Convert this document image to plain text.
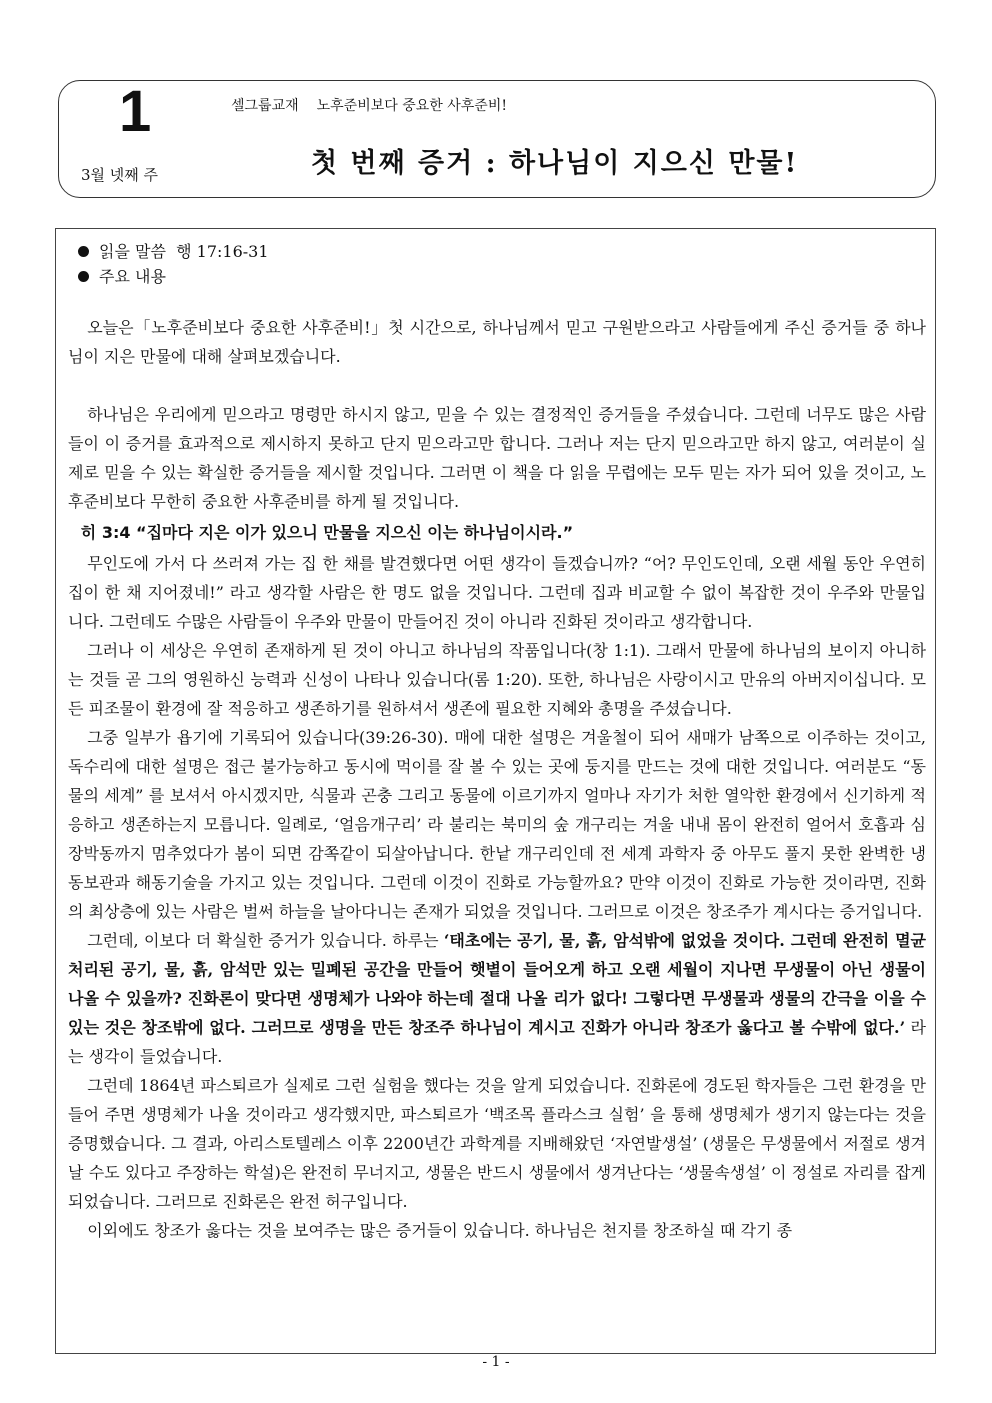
1
3월 넷째 주
셀그룹교재 노후준비보다 중요한 사후준비!
첫 번째 증거 : 하나님이 지으신 만물!
읽을 말씀 행 17:16-31
주요 내용

오늘은「노후준비보다 중요한 사후준비!」첫 시간으로, 하나님께서 믿고 구원받으라고 사람들에게 주신 증거들 중 하나님이 지은 만물에 대해 살펴보겠습니다.

하나님은 우리에게 믿으라고 명령만 하시지 않고, 믿을 수 있는 결정적인 증거들을 주셨습니다. 그런데 너무도 많은 사람들이 이 증거를 효과적으로 제시하지 못하고 단지 믿으라고만 합니다. 그러나 저는 단지 믿으라고만 하지 않고, 여러분이 실제로 믿을 수 있는 확실한 증거들을 제시할 것입니다. 그러면 이 책을 다 읽을 무렵에는 모두 믿는 자가 되어 있을 것이고, 노후준비보다 무한히 중요한 사후준비를 하게 될 것입니다.

히 3:4 “집마다 지은 이가 있으니 만물을 지으신 이는 하나님이시라.”

무인도에 가서 다 쓰러져 가는 집 한 채를 발견했다면 어떤 생각이 들겠습니까? “어? 무인도인데, 오랜 세월 동안 우연히 집이 한 채 지어졌네!” 라고 생각할 사람은 한 명도 없을 것입니다. 그런데 집과 비교할 수 없이 복잡한 것이 우주와 만물입니다. 그런데도 수많은 사람들이 우주와 만물이 만들어진 것이 아니라 진화된 것이라고 생각합니다.

그러나 이 세상은 우연히 존재하게 된 것이 아니고 하나님의 작품입니다(창 1:1). 그래서 만물에 하나님의 보이지 아니하는 것들 곧 그의 영원하신 능력과 신성이 나타나 있습니다(롬 1:20). 또한, 하나님은 사랑이시고 만유의 아버지이십니다. 모든 피조물이 환경에 잘 적응하고 생존하기를 원하셔서 생존에 필요한 지혜와 총명을 주셨습니다.

그중 일부가 욥기에 기록되어 있습니다(39:26-30). 매에 대한 설명은 겨울철이 되어 새매가 남쪽으로 이주하는 것이고, 독수리에 대한 설명은 접근 불가능하고 동시에 먹이를 잘 볼 수 있는 곳에 둥지를 만드는 것에 대한 것입니다. 여러분도 “동물의 세계” 를 보셔서 아시겠지만, 식물과 곤충 그리고 동물에 이르기까지 얼마나 자기가 처한 열악한 환경에서 신기하게 적응하고 생존하는지 모릅니다. 일례로, ‘얼음개구리’ 라 불리는 북미의 숲 개구리는 겨울 내내 몸이 완전히 얼어서 호흡과 심장박동까지 멈추었다가 봄이 되면 감쪽같이 되살아납니다. 한낱 개구리인데 전 세계 과학자 중 아무도 풀지 못한 완벽한 냉동보관과 해동기술을 가지고 있는 것입니다. 그런데 이것이 진화로 가능할까요? 만약 이것이 진화로 가능한 것이라면, 진화의 최상층에 있는 사람은 벌써 하늘을 날아다니는 존재가 되었을 것입니다. 그러므로 이것은 창조주가 계시다는 증거입니다.

그런데, 이보다 더 확실한 증거가 있습니다. 하루는 ‘태초에는 공기, 물, 흙, 암석밖에 없었을 것이다. 그런데 완전히 멸균 처리된 공기, 물, 흙, 암석만 있는 밀폐된 공간을 만들어 햇볕이 들어오게 하고 오랜 세월이 지나면 무생물이 아닌 생물이 나올 수 있을까? 진화론이 맞다면 생명체가 나와야 하는데 절대 나올 리가 없다! 그렇다면 무생물과 생물의 간극을 이을 수 있는 것은 창조밖에 없다. 그러므로 생명을 만든 창조주 하나님이 계시고 진화가 아니라 창조가 옳다고 볼 수밖에 없다.’ 라는 생각이 들었습니다.

그런데 1864년 파스퇴르가 실제로 그런 실험을 했다는 것을 알게 되었습니다. 진화론에 경도된 학자들은 그런 환경을 만들어 주면 생명체가 나올 것이라고 생각했지만, 파스퇴르가 ‘백조목 플라스크 실험’ 을 통해 생명체가 생기지 않는다는 것을 증명했습니다. 그 결과, 아리스토텔레스 이후 2200년간 과학계를 지배해왔던 ‘자연발생설’ (생물은 무생물에서 저절로 생겨날 수도 있다고 주장하는 학설)은 완전히 무너지고, 생물은 반드시 생물에서 생겨난다는 ‘생물속생설’ 이 정설로 자리를 잡게 되었습니다. 그러므로 진화론은 완전 허구입니다.

이외에도 창조가 옳다는 것을 보여주는 많은 증거들이 있습니다. 하나님은 천지를 창조하실 때 각기 종

- 1 -
